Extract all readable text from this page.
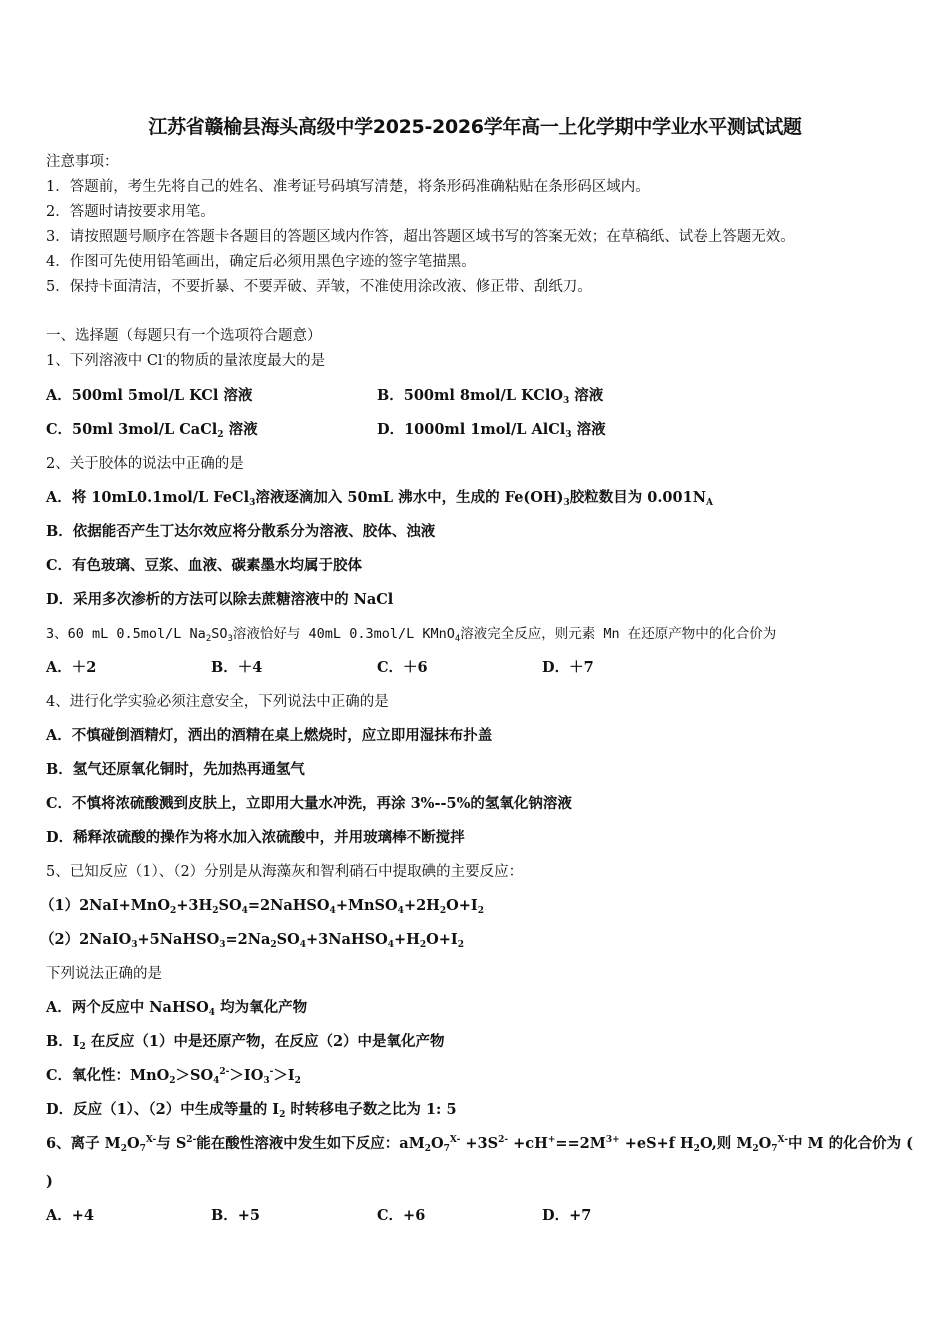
江苏省赣榆县海头高级中学2025-2026学年高一上化学期中学业水平测试试题
注意事项：
1．答题前，考生先将自己的姓名、准考证号码填写清楚，将条形码准确粘贴在条形码区域内。
2．答题时请按要求用笔。
3．请按照题号顺序在答题卡各题目的答题区域内作答，超出答题区域书写的答案无效；在草稿纸、试卷上答题无效。
4．作图可先使用铅笔画出，确定后必须用黑色字迹的签字笔描黑。
5．保持卡面清洁，不要折暴、不要弄破、弄皱，不准使用涂改液、修正带、刮纸刀。
一、选择题（每题只有一个选项符合题意）
1、下列溶液中 Cl-的物质的量浓度最大的是
A．500ml 5mol/L KCl 溶液	B．500ml 8mol/L KClO$_3$ 溶液
C．50ml 3mol/L CaCl$_2$ 溶液	D．1000ml 1mol/L AlCl$_3$ 溶液
2、关于胶体的说法中正确的是
A．将 10mL0.1mol/L FeCl$_3$溶液逐滴加入 50mL 沸水中，生成的 $Fe(OH)_3$胶粒数目为 $0.001N_A$
B．依据能否产生丁达尔效应将分散系分为溶液、胶体、浊液
C．有色玻璃、豆浆、血液、碳素墨水均属于胶体
D．采用多次渗析的方法可以除去蔗糖溶液中的 NaCl
3、60 mL 0.5mol/L $Na_2SO_3$溶液恰好与 40mL 0.3mol/L KMnO$_4$溶液完全反应，则元素 Mn 在还原产物中的化合价为
A．＋2	B．＋4	C．＋6	D．＋7
4、进行化学实验必须注意安全，下列说法中正确的是
A．不慎碰倒酒精灯，洒出的酒精在桌上燃烧时，应立即用湿抹布扑盖
B．氢气还原氧化铜时，先加热再通氢气
C．不慎将浓硫酸溅到皮肤上，立即用大量水冲洗，再涂 3%--5%的氢氧化钠溶液
D．稀释浓硫酸的操作为将水加入浓硫酸中，并用玻璃棒不断搅拌
5、已知反应（1）、（2）分别是从海藻灰和智利硝石中提取碘的主要反应：
$(1)2NaI+MnO_2+3H_2SO_4=2NaHSO_4+MnSO_4+2H_2O+I_2$
$(2)2NaIO_3+5NaHSO_3=2Na_2SO_4+3NaHSO_4+H_2O+I_2$
下列说法正确的是
A．两个反应中 NaHSO$_4$ 均为氧化产物
B．$I_2$ 在反应（1）中是还原产物，在反应（2）中是氧化产物
C．氧化性：$MnO_2>SO_4^{2-}>IO_3^->I_2$
D．反应（1）、（2）中生成等量的 $I_2$ 时转移电子数之比为 1: 5
6、离子 $M_2O_7^{X-}$与 $S^{2-}$能在酸性溶液中发生如下反应：$aM_2O_7^{X-} +3S^{2-} +cH^+==2M^{3+} +eS+f$ $H_2O$,则 $M_2O_7^{X-}$中 M 的化合价为 (
)
A．+4	B．+5	C．+6	D．+7
